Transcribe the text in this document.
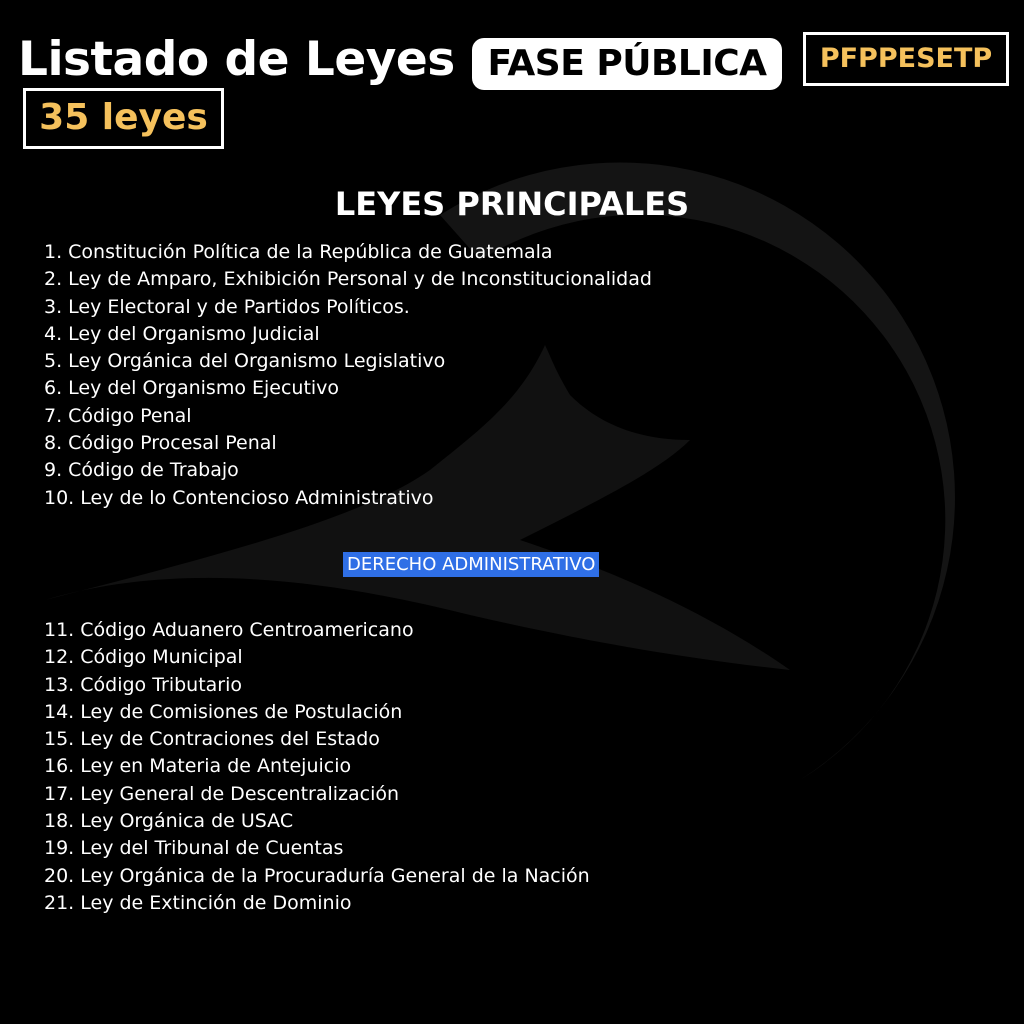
Listado de Leyes FASE PÚBLICA	PFPPESETP
35 leyes
LEYES PRINCIPALES
1. Constitución Política de la República de Guatemala
2. Ley de Amparo, Exhibición Personal y de Inconstitucionalidad
3. Ley Electoral y de Partidos Políticos.
4. Ley del Organismo Judicial
5. Ley Orgánica del Organismo Legislativo
6. Ley del Organismo Ejecutivo
7. Código Penal
8. Código Procesal Penal
9. Código de Trabajo
10. Ley de lo Contencioso Administrativo
DERECHO ADMINISTRATIVO
11. Código Aduanero Centroamericano
12. Código Municipal
13. Código Tributario
14. Ley de Comisiones de Postulación
15. Ley de Contraciones del Estado
16. Ley en Materia de Antejuicio
17. Ley General de Descentralización
18. Ley Orgánica de USAC
19. Ley del Tribunal de Cuentas
20. Ley Orgánica de la Procuraduría General de la Nación
21. Ley de Extinción de Dominio
